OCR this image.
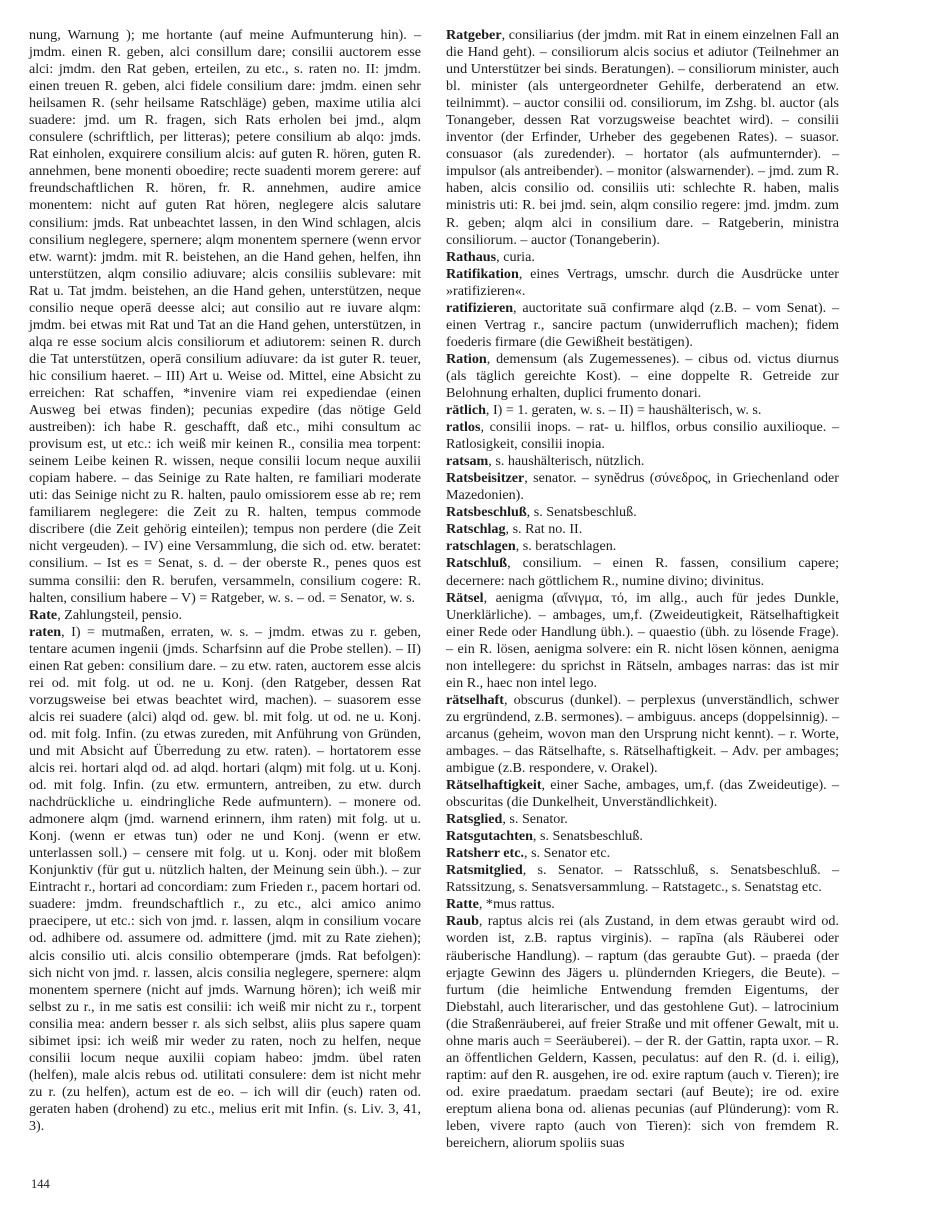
nung, Warnung ); me hortante (auf meine Aufmunterung hin). – jmdm. einen R. geben, alci consillum dare; consilii auctorem esse alci: jmdm. den Rat geben, erteilen, zu etc., s. raten no. II: jmdm. einen treuen R. geben, alci fidele consilium dare: jmdm. einen sehr heilsamen R. (sehr heilsame Ratschläge) geben, maxime utilia alci suadere: jmd. um R. fragen, sich Rats erholen bei jmd., alqm consulere (schriftlich, per litteras); petere consilium ab alqo: jmds. Rat einholen, exquirere consilium alcis: auf guten R. hören, guten R. annehmen, bene monenti oboedire; recte suadenti morem gerere: auf freundschaftlichen R. hören, fr. R. annehmen, audire amice monentem: nicht auf guten Rat hören, neglegere alcis salutare consilium: jmds. Rat unbeachtet lassen, in den Wind schlagen, alcis consilium neglegere, spernere; alqm monentem spernere (wenn ervor etw. warnt): jmdm. mit R. beistehen, an die Hand gehen, helfen, ihn unterstützen, alqm consilio adiuvare; alcis consiliis sublevare: mit Rat u. Tat jmdm. beistehen, an die Hand gehen, unterstützen, neque consilio neque operā deesse alci; aut consilio aut re iuvare alqm: jmdm. bei etwas mit Rat und Tat an die Hand gehen, unterstützen, in alqa re esse socium alcis consiliorum et adiutorem: seinen R. durch die Tat unterstützen, operā consilium adiuvare: da ist guter R. teuer, hic consilium haeret. – III) Art u. Weise od. Mittel, eine Absicht zu erreichen: Rat schaffen, *invenire viam rei expediendae (einen Ausweg bei etwas finden); pecunias expedire (das nötige Geld austreiben): ich habe R. geschafft, daß etc., mihi consultum ac provisum est, ut etc.: ich weiß mir keinen R., consilia mea torpent: seinem Leibe keinen R. wissen, neque consilii locum neque auxilii copiam habere. – das Seinige zu Rate halten, re familiari moderate uti: das Seinige nicht zu R. halten, paulo omissiorem esse ab re; rem familiarem neglegere: die Zeit zu R. halten, tempus commode discribere (die Zeit gehörig einteilen); tempus non perdere (die Zeit nicht vergeuden). – IV) eine Versammlung, die sich od. etw. beratet: consilium. – Ist es = Senat, s. d. – der oberste R., penes quos est summa consilii: den R. berufen, versammeln, consilium cogere: R. halten, consilium habere – V) = Ratgeber, w. s. – od. = Senator, w. s.

Rate, Zahlungsteil, pensio.

raten, I) = mutmaßen, erraten, w. s. – jmdm. etwas zu r. geben, tentare acumen ingenii (jmds. Scharfsinn auf die Probe stellen). – II) einen Rat geben: consilium dare. – zu etw. raten, auctorem esse alcis rei od. mit folg. ut od. ne u. Konj. (den Ratgeber, dessen Rat vorzugsweise bei etwas beachtet wird, machen). – suasorem esse alcis rei suadere (alci) alqd od. gew. bl. mit folg. ut od. ne u. Konj. od. mit folg. Infin. (zu etwas zureden, mit Anführung von Gründen, und mit Absicht auf Überredung zu etw. raten). – hortatorem esse alcis rei. hortari alqd od. ad alqd. hortari (alqm) mit folg. ut u. Konj. od. mit folg. Infin. (zu etw. ermuntern, antreiben, zu etw. durch nachdrückliche u. eindringliche Rede aufmuntern). – monere od. admonere alqm (jmd. warnend erinnern, ihm raten) mit folg. ut u. Konj. (wenn er etwas tun) oder ne und Konj. (wenn er etw. unterlassen soll.) – censere mit folg. ut u. Konj. oder mit bloßem Konjunktiv (für gut u. nützlich halten, der Meinung sein übh.). – zur Eintracht r., hortari ad concordiam: zum Frieden r., pacem hortari od. suadere: jmdm. freundschaftlich r., zu etc., alci amico animo praecipere, ut etc.: sich von jmd. r. lassen, alqm in consilium vocare od. adhibere od. assumere od. admittere (jmd. mit zu Rate ziehen); alcis consilio uti. alcis consilio obtemperare (jmds. Rat befolgen): sich nicht von jmd. r. lassen, alcis consilia neglegere, spernere: alqm monentem spernere (nicht auf jmds. Warnung hören); ich weiß mir selbst zu r., in me satis est consilii: ich weiß mir nicht zu r., torpent consilia mea: andern besser r. als sich selbst, aliis plus sapere quam sibimet ipsi: ich weiß mir weder zu raten, noch zu helfen, neque consilii locum neque auxilii copiam habeo: jmdm. übel raten (helfen), male alcis rebus od. utilitati consulere: dem ist nicht mehr zu r. (zu helfen), actum est de eo. – ich will dir (euch) raten od. geraten haben (drohend) zu etc., melius erit mit Infin. (s. Liv. 3, 41, 3).

Ratgeber, consiliarius (der jmdm. mit Rat in einem einzelnen Fall an die Hand geht). – consiliorum alcis socius et adiutor (Teilnehmer an und Unterstützer bei sinds. Beratungen). – consiliorum minister, auch bl. minister (als untergeordneter Gehilfe, derberatend an etw. teilnimmt). – auctor consilii od. consiliorum, im Zshg. bl. auctor (als Tonangeber, dessen Rat vorzugsweise beachtet wird). – consilii inventor (der Erfinder, Urheber des gegebenen Rates). – suasor. consuasor (als zuredender). – hortator (als aufmunternder). – impulsor (als antreibender). – monitor (alswarnender). – jmd. zum R. haben, alcis consilio od. consiliis uti: schlechte R. haben, malis ministris uti: R. bei jmd. sein, alqm consilio regere: jmd. jmdm. zum R. geben; alqm alci in consilium dare. – Ratgeberin, ministra consiliorum. – auctor (Tonangeberin).

Rathaus, curia.

Ratifikation, eines Vertrags, umschr. durch die Ausdrücke unter »ratifizieren«.

ratifizieren, auctoritate suā confirmare alqd (z.B. – vom Senat). – einen Vertrag r., sancire pactum (unwiderruflich machen); fidem foederis firmare (die Gewißheit bestätigen).

Ration, demensum (als Zugemessenes). – cibus od. victus diurnus (als täglich gereichte Kost). – eine doppelte R. Getreide zur Belohnung erhalten, duplici frumento donari.

rätlich, I) = 1. geraten, w. s. – II) = haushälterisch, w. s.

ratlos, consilii inops. – rat- u. hilflos, orbus consilio auxilioque. – Ratlosigkeit, consilii inopia.

ratsam, s. haushälterisch, nützlich.

Ratsbeisitzer, senator. – synĕdrus (σύνεδρος, in Griechenland oder Mazedonien).

Ratsbeschluß, s. Senatsbeschluß.

Ratschlag, s. Rat no. II.

ratschlagen, s. beratschlagen.

Ratschluß, consilium. – einen R. fassen, consilium capere; decernere: nach göttlichem R., numine divino; divinitus.

Rätsel, aenigma (αἴνιγμα, τό, im allg., auch für jedes Dunkle, Unerklärliche). – ambages, um,f. (Zweideutigkeit, Rätselhaftigkeit einer Rede oder Handlung übh.). – quaestio (übh. zu lösende Frage). – ein R. lösen, aenigma solvere: ein R. nicht lösen können, aenigma non intellegere: du sprichst in Rätseln, ambages narras: das ist mir ein R., haec non intel lego.

rätselhaft, obscurus (dunkel). – perplexus (unverständlich, schwer zu ergründend, z.B. sermones). – ambiguus. anceps (doppelsinnig). – arcanus (geheim, wovon man den Ursprung nicht kennt). – r. Worte, ambages. – das Rätselhafte, s. Rätselhaftigkeit. – Adv. per ambages; ambigue (z.B. respondere, v. Orakel).

Rätselhaftigkeit, einer Sache, ambages, um,f. (das Zweideutige). – obscuritas (die Dunkelheit, Unverständlichkeit).

Ratsglied, s. Senator.

Ratsgutachten, s. Senatsbeschluß.

Ratsherr etc., s. Senator etc.

Ratsmitglied, s. Senator. – Ratsschluß, s. Senatsbeschluß. – Ratssitzung, s. Senatsversammlung. – Ratstagetc., s. Senatstag etc.

Ratte, *mus rattus.

Raub, raptus alcis rei (als Zustand, in dem etwas geraubt wird od. worden ist, z.B. raptus virginis). – rapīna (als Räuberei oder räuberische Handlung). – raptum (das geraubte Gut). – praeda (der erjagte Gewinn des Jägers u. plündernden Kriegers, die Beute). – furtum (die heimliche Entwendung fremden Eigentums, der Diebstahl, auch literarischer, und das gestohlene Gut). – latrocinium (die Straßenräuberei, auf freier Straße und mit offener Gewalt, mit u. ohne maris auch = Seeräuberei). – der R. der Gattin, rapta uxor. – R. an öffentlichen Geldern, Kassen, peculatus: auf den R. (d. i. eilig), raptim: auf den R. ausgehen, ire od. exire raptum (auch v. Tieren); ire od. exire praedatum. praedam sectari (auf Beute); ire od. exire ereptum aliena bona od. alienas pecunias (auf Plünderung): vom R. leben, vivere rapto (auch von Tieren): sich von fremdem R. bereichern, aliorum spoliis suas

144
